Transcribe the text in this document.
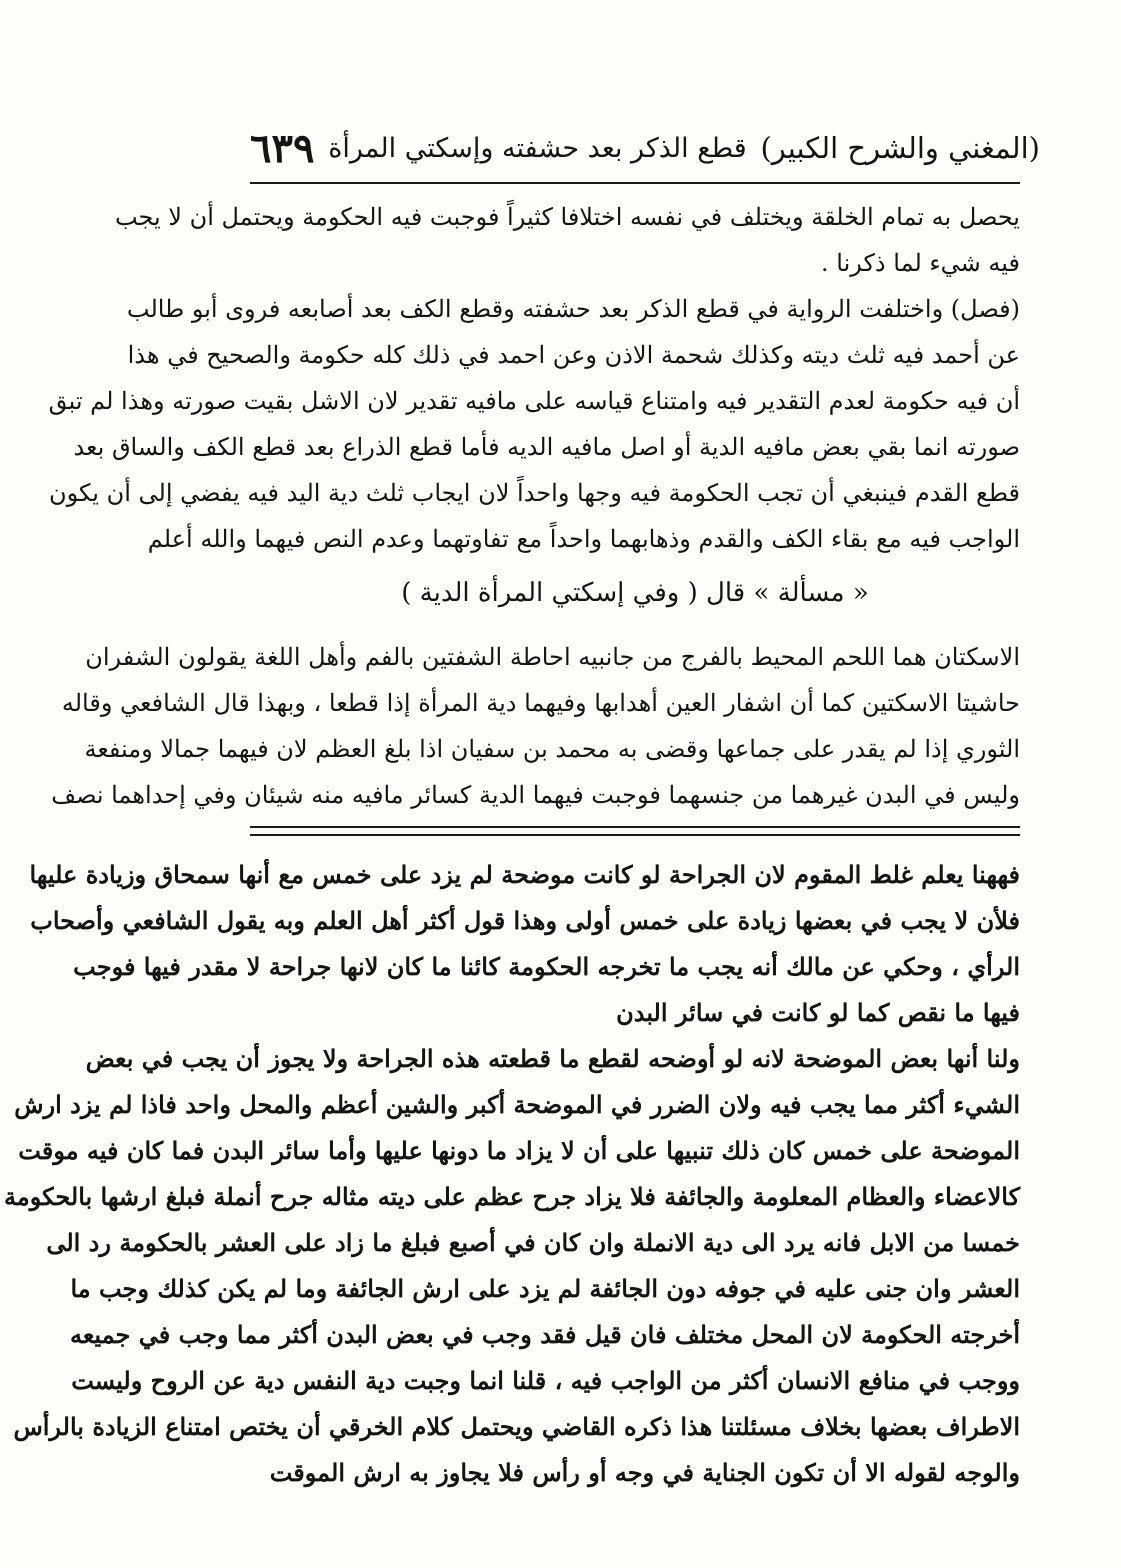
(المغني والشرح الكبير)
قطع الذكر بعد حشفته وإسكتي المرأة
٦٣٩
يحصل به تمام الخلقة ويختلف في نفسه اختلافا كثيراً فوجبت فيه الحكومة ويحتمل أن لا يجب
فيه شيء لما ذكرنا .
(فصل) واختلفت الرواية في قطع الذكر بعد حشفته وقطع الكف بعد أصابعه فروى أبو طالب
عن أحمد فيه ثلث ديته وكذلك شحمة الاذن وعن احمد في ذلك كله حكومة والصحيح في هذا
أن فيه حكومة لعدم التقدير فيه وامتناع قياسه على مافيه تقدير لان الاشل بقيت صورته وهذا لم تبق
صورته انما بقي بعض مافيه الدية أو اصل مافيه الديه فأما قطع الذراع بعد قطع الكف والساق بعد
قطع القدم فينبغي أن تجب الحكومة فيه وجها واحداً لان ايجاب ثلث دية اليد فيه يفضي إلى أن يكون
الواجب فيه مع بقاء الكف والقدم وذهابهما واحداً مع تفاوتهما وعدم النص فيهما والله أعلم
« مسألة » قال ( وفي إسكتي المرأة الدية )
الاسكتان هما اللحم المحيط بالفرج من جانبيه احاطة الشفتين بالفم وأهل اللغة يقولون الشفران
حاشيتا الاسكتين كما أن اشفار العين أهدابها وفيهما دية المرأة إذا قطعا ، وبهذا قال الشافعي وقاله
الثوري إذا لم يقدر على جماعها وقضى به محمد بن سفيان اذا بلغ العظم لان فيهما جمالا ومنفعة
وليس في البدن غيرهما من جنسهما فوجبت فيهما الدية كسائر مافيه منه شيئان وفي إحداهما نصف
فههنا يعلم غلط المقوم لان الجراحة لو كانت موضحة لم يزد على خمس مع أنها سمحاق وزيادة عليها
فلأن لا يجب في بعضها زيادة على خمس أولى وهذا قول أكثر أهل العلم وبه يقول الشافعي وأصحاب
الرأي ، وحكي عن مالك أنه يجب ما تخرجه الحكومة كائنا ما كان لانها جراحة لا مقدر فيها فوجب
فيها ما نقص كما لو كانت في سائر البدن
ولنا أنها بعض الموضحة لانه لو أوضحه لقطع ما قطعته هذه الجراحة ولا يجوز أن يجب في بعض
الشيء أكثر مما يجب فيه ولان الضرر في الموضحة أكبر والشين أعظم والمحل واحد فاذا لم يزد ارش
الموضحة على خمس كان ذلك تنبيها على أن لا يزاد ما دونها عليها وأما سائر البدن فما كان فيه موقت
كالاعضاء والعظام المعلومة والجائفة فلا يزاد جرح عظم على ديته مثاله جرح أنملة فبلغ ارشها بالحكومة
خمسا من الابل فانه يرد الى دية الانملة وان كان في أصبع فبلغ ما زاد على العشر بالحكومة رد الى
العشر وان جنى عليه في جوفه دون الجائفة لم يزد على ارش الجائفة وما لم يكن كذلك وجب ما
أخرجته الحكومة لان المحل مختلف فان قيل فقد وجب في بعض البدن أكثر مما وجب في جميعه
ووجب في منافع الانسان أكثر من الواجب فيه ، قلنا انما وجبت دية النفس دية عن الروح وليست
الاطراف بعضها بخلاف مسئلتنا هذا ذكره القاضي ويحتمل كلام الخرقي أن يختص امتناع الزيادة بالرأس
والوجه لقوله الا أن تكون الجناية في وجه أو رأس فلا يجاوز به ارش الموقت
